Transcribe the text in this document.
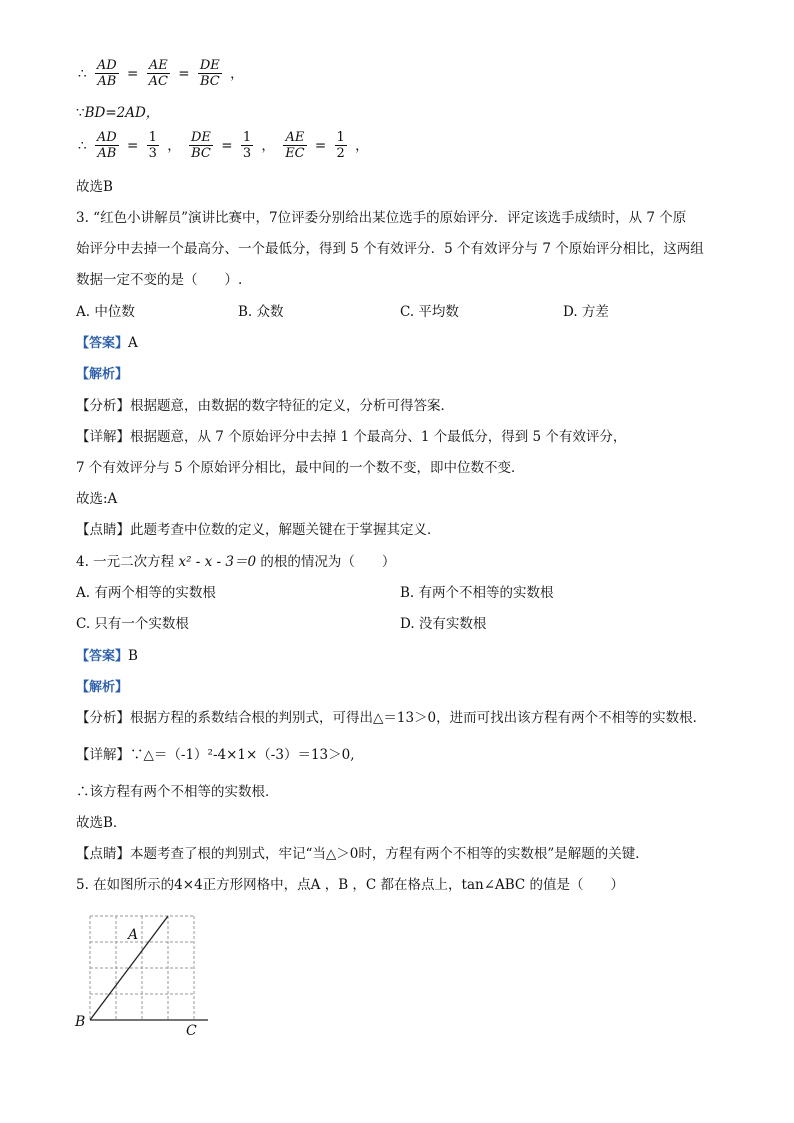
∴ $\frac{AD}{AB} = \frac{AE}{AC} = \frac{DE}{BC}$ ，
∵BD=2AD，
∴ $\frac{AD}{AB} = \frac{1}{3}$ ， $\frac{DE}{BC} = \frac{1}{3}$ ， $\frac{AE}{EC} = \frac{1}{2}$ ，
故选B
3. “红色小讲解员”演讲比赛中，7位评委分别给出某位选手的原始评分．评定该选手成绩时，从 7 个原
始评分中去掉一个最高分、一个最低分，得到 5 个有效评分．5 个有效评分与 7 个原始评分相比，这两组
数据一定不变的是（　　）.
A. 中位数	B. 众数	C. 平均数	D. 方差
【答案】A
【解析】
【分析】根据题意，由数据的数字特征的定义，分析可得答案．
【详解】根据题意，从 7 个原始评分中去掉 1 个最高分、1 个最低分，得到 5 个有效评分，
7 个有效评分与 5 个原始评分相比，最中间的一个数不变，即中位数不变．
故选:A
【点睛】此题考查中位数的定义，解题关键在于掌握其定义．
4. 一元二次方程 x² - x - 3＝0 的根的情况为（　　）
A. 有两个相等的实数根	B. 有两个不相等的实数根
C. 只有一个实数根	D. 没有实数根
【答案】B
【解析】
【分析】根据方程的系数结合根的判别式，可得出△＝13＞0，进而可找出该方程有两个不相等的实数根．
【详解】∵△＝（-1）²-4×1×（-3）＝13＞0,
∴该方程有两个不相等的实数根．
故选B．
【点睛】本题考查了根的判别式，牢记“当△＞0时，方程有两个不相等的实数根”是解题的关键．
5. 在如图所示的4×4正方形网格中，点A ，B ，C 都在格点上，tan∠ABC 的值是（　　）
A
B
C
